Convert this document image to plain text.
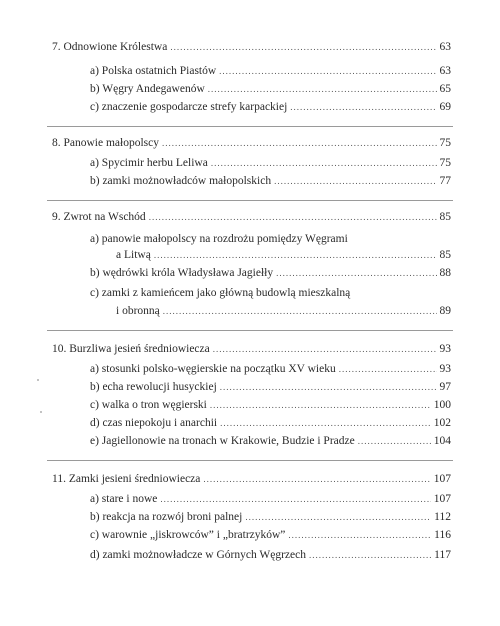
7. Odnowione Królestwa .....	63
a) Polska ostatnich Piastów .....	63
b) Węgry Andegawenów .....	65
c) znaczenie gospodarcze strefy karpackiej .....	69
8. Panowie małopolscy .....	75
a) Spycimir herbu Leliwa .....	75
b) zamki możnowładców małopolskich .....	77
9. Zwrot na Wschód .....	85
a) panowie małopolscy na rozdrożu pomiędzy Węgrami
a Litwą .....	85
b) wędrówki króla Władysława Jagiełły .....	88
c) zamki z kamieńcem jako główną budowlą mieszkalną
i obronną .....	89
10. Burzliwa jesień średniowiecza .....	93
a) stosunki polsko-węgierskie na początku XV wieku .....	93
b) echa rewolucji husyckiej .....	97
c) walka o tron węgierski .....	100
d) czas niepokoju i anarchii .....	102
e) Jagiellonowie na tronach w Krakowie, Budzie i Pradze .....	104
11. Zamki jesieni średniowiecza .....	107
a) stare i nowe .....	107
b) reakcja na rozwój broni palnej .....	112
c) warownie „jiskrowców” i „bratrzyków” .....	116
d) zamki możnowładcze w Górnych Węgrzech .....	117
